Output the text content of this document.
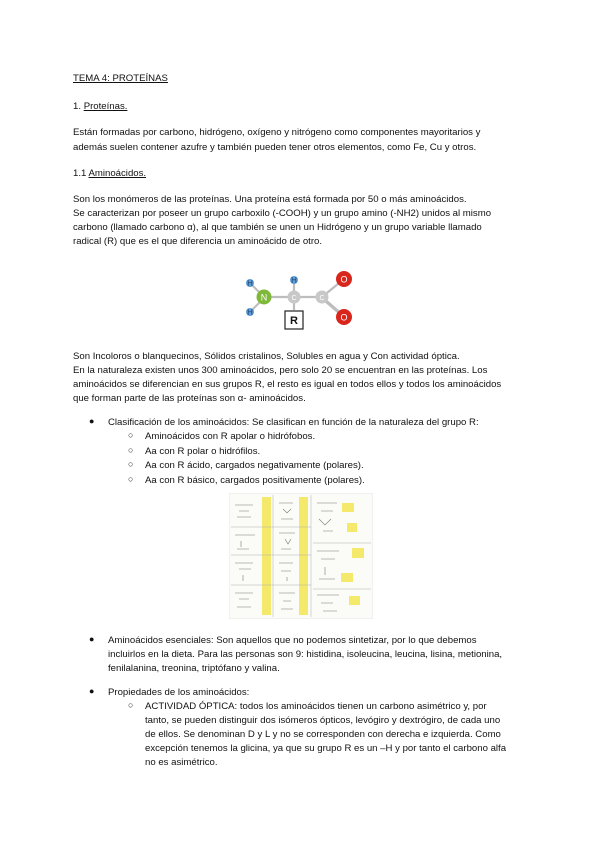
TEMA 4: PROTEÍNAS
1. Proteínas.
Están formadas por carbono, hidrógeno, oxígeno y nitrógeno como componentes mayoritarios y
además suelen contener azufre y también pueden tener otros elementos, como Fe, Cu y otros.
1.1 Aminoácidos.
Son los monómeros de las proteínas. Una proteína está formada por 50 o más aminoácidos.
Se caracterizan por poseer un grupo carboxilo (-COOH) y un grupo amino (-NH2) unidos al mismo
carbono (llamado carbono α), al que también se unen un Hidrógeno y un grupo variable llamado
radical (R) que es el que diferencia un aminoácido de otro.
N
H
H
H
C	C
O
O
R
Son Incoloros o blanquecinos, Sólidos cristalinos, Solubles en agua y Con actividad óptica.
En la naturaleza existen unos 300 aminoácidos, pero solo 20 se encuentran en las proteínas. Los
aminoácidos se diferencian en sus grupos R, el resto es igual en todos ellos y todos los aminoácidos
que forman parte de las proteínas son α- aminoácidos.
● Clasificación de los aminoácidos: Se clasifican en función de la naturaleza del grupo R:
○ Aminoácidos con R apolar o hidrófobos.
○ Aa con R polar o hidrófilos.
○ Aa con R ácido, cargados negativamente (polares).
○ Aa con R básico, cargados positivamente (polares).
● Aminoácidos esenciales: Son aquellos que no podemos sintetizar, por lo que debemos
incluirlos en la dieta. Para las personas son 9: histidina, isoleucina, leucina, lisina, metionina,
fenilalanina, treonina, triptófano y valina.
● Propiedades de los aminoácidos:
○ ACTIVIDAD ÓPTICA: todos los aminoácidos tienen un carbono asimétrico y, por
tanto, se pueden distinguir dos isómeros ópticos, levógiro y dextrógiro, de cada uno
de ellos. Se denominan D y L y no se corresponden con derecha e izquierda. Como
excepción tenemos la glicina, ya que su grupo R es un –H y por tanto el carbono alfa
no es asimétrico.
